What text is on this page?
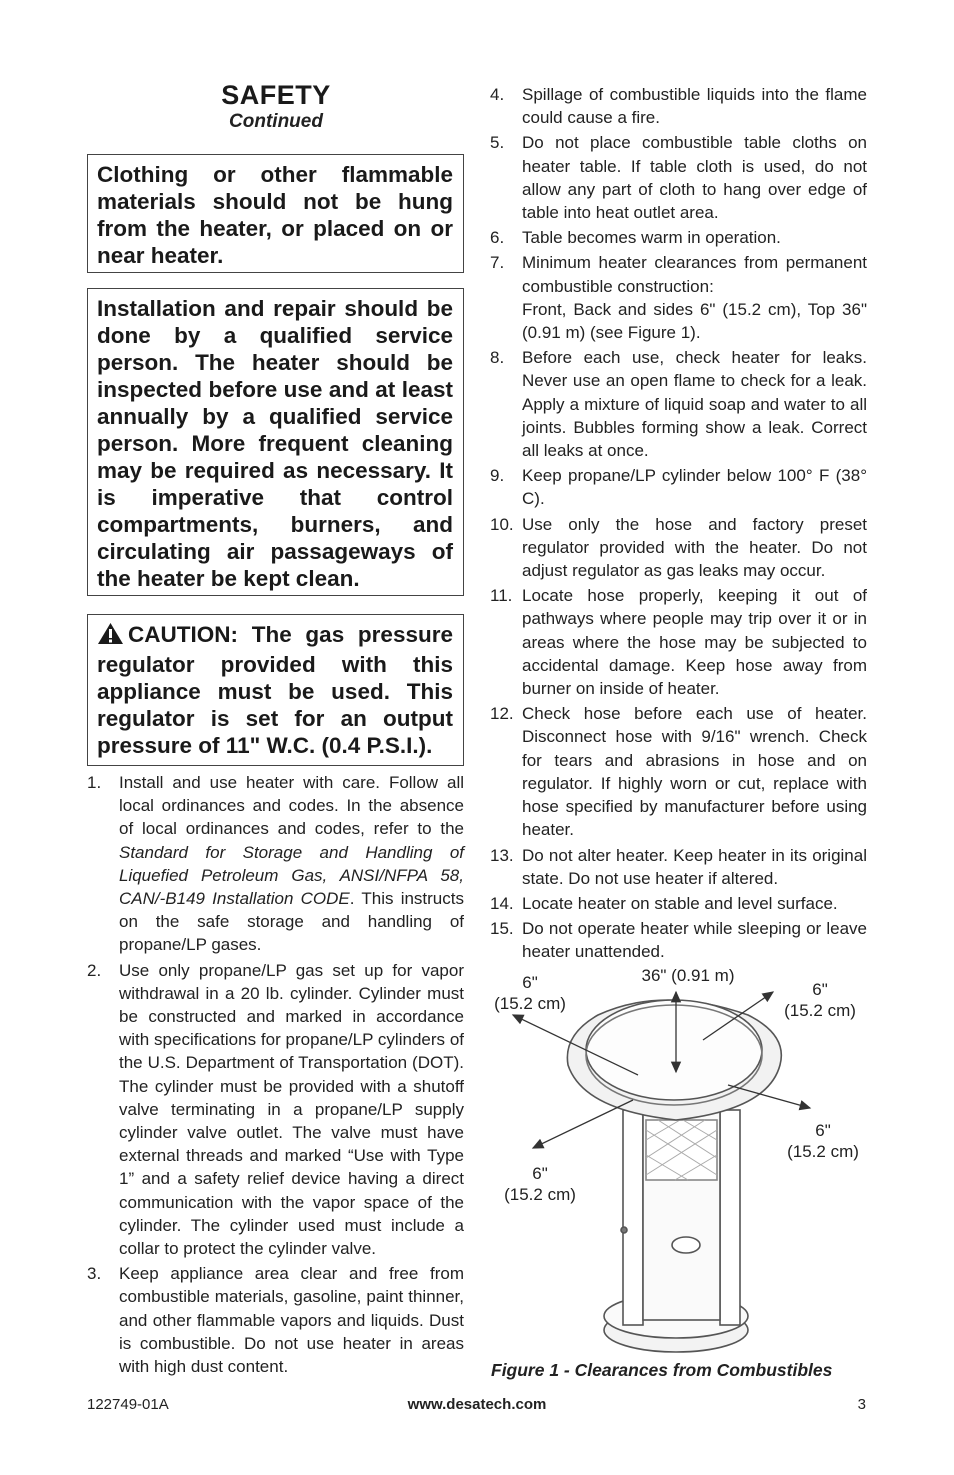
SAFETY
Continued
Clothing or other flammable materials should not be hung from the heater, or placed on or near heater.
Installation and repair should be done by a qualified service person. The heater should be inspected before use and at least annually by a qualified service person. More frequent cleaning may be required as necessary. It is imperative that control compartments, burners, and circulating air passageways of the heater be kept clean.
CAUTION: The gas pressure regulator provided with this appliance must be used. This regulator is set for an output pressure of 11" W.C. (0.4 P.S.I.).
1. Install and use heater with care. Follow all local ordinances and codes. In the absence of local ordinances and codes, refer to the Standard for Storage and Handling of Liquefied Petroleum Gas, ANSI/NFPA 58, CAN/-B149 Installation CODE. This instructs on the safe storage and handling of propane/LP gases.
2. Use only propane/LP gas set up for vapor withdrawal in a 20 lb. cylinder. Cylinder must be constructed and marked in accordance with specifications for propane/LP cylinders of the U.S. Department of Transportation (DOT). The cylinder must be provided with a shutoff valve terminating in a propane/LP supply cylinder valve outlet. The valve must have external threads and marked “Use with Type 1” and a safety relief device having a direct communication with the vapor space of the cylinder. The cylinder used must include a collar to protect the cylinder valve.
3. Keep appliance area clear and free from combustible materials, gasoline, paint thinner, and other flammable vapors and liquids. Dust is combustible. Do not use heater in areas with high dust content.
4. Spillage of combustible liquids into the flame could cause a fire.
5. Do not place combustible table cloths on heater table. If table cloth is used, do not allow any part of cloth to hang over edge of table into heat outlet area.
6. Table becomes warm in operation.
7. Minimum heater clearances from permanent combustible construction:
Front, Back and sides 6" (15.2 cm), Top 36" (0.91 m) (see Figure 1).
8. Before each use, check heater for leaks. Never use an open flame to check for a leak. Apply a mixture of liquid soap and water to all joints. Bubbles forming show a leak. Correct all leaks at once.
9. Keep propane/LP cylinder below 100° F (38° C).
10. Use only the hose and factory preset regulator provided with the heater. Do not adjust regulator as gas leaks may occur.
11. Locate hose properly, keeping it out of pathways where people may trip over it or in areas where the hose may be subjected to accidental damage. Keep hose away from burner on inside of heater.
12. Check hose before each use of heater. Disconnect hose with 9/16" wrench. Check for tears and abrasions in hose and on regulator. If highly worn or cut, replace with hose specified by manufacturer before using heater.
13. Do not alter heater. Keep heater in its original state. Do not use heater if altered.
14. Locate heater on stable and level surface.
15. Do not operate heater while sleeping or leave heater unattended.
36" (0.91 m)
6"
(15.2 cm)
6"
(15.2 cm)
6"
(15.2 cm)
6"
(15.2 cm)
Figure 1 - Clearances from Combustibles
122749-01A	www.desatech.com	3
